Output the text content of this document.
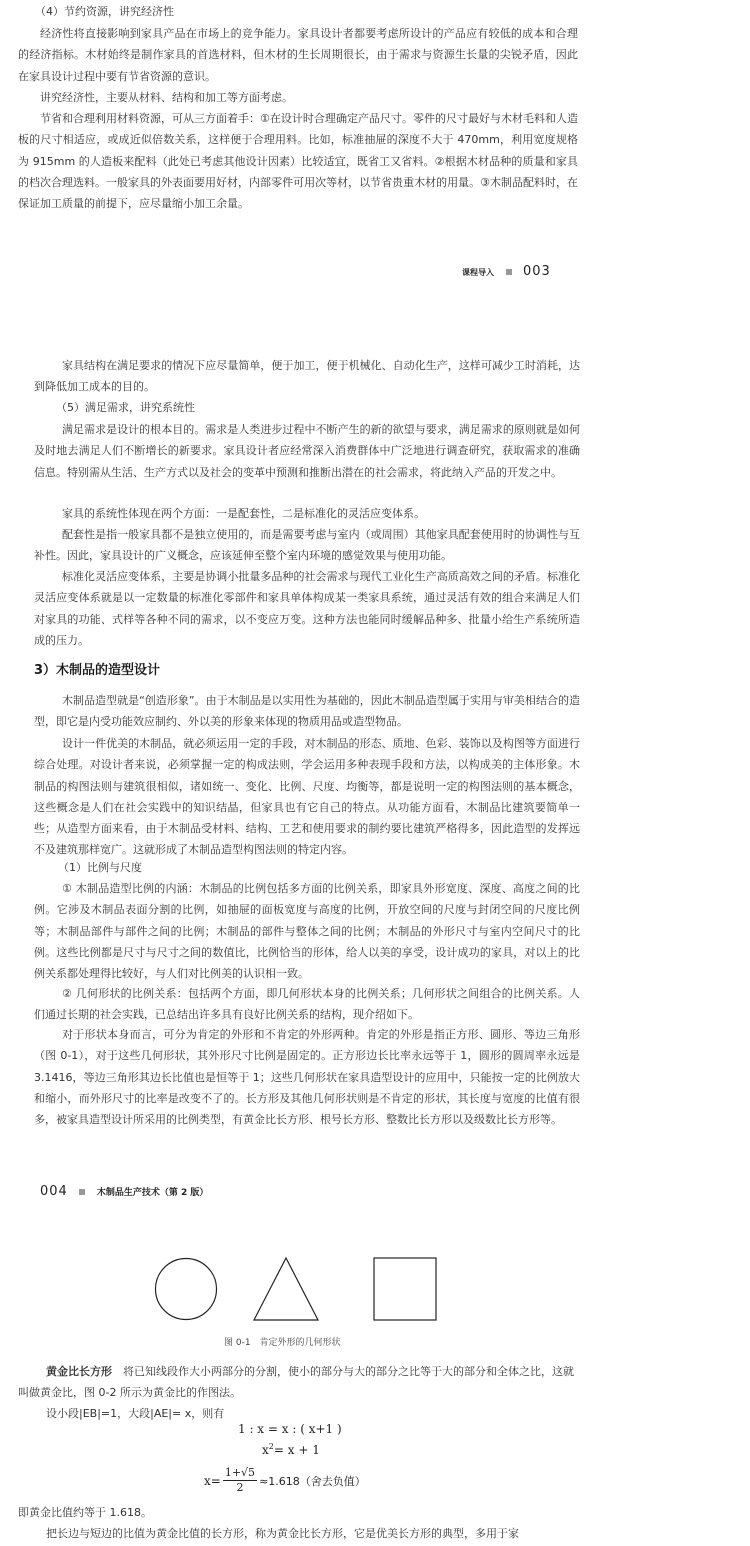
（4）节约资源，讲究经济性

经济性将直接影响到家具产品在市场上的竞争能力。家具设计者都要考虑所设计的产品应有较低的成本和合理的经济指标。木材始终是制作家具的首选材料，但木材的生长周期很长，由于需求与资源生长量的尖锐矛盾，因此在家具设计过程中要有节省资源的意识。

讲究经济性，主要从材料、结构和加工等方面考虑。

节省和合理利用材料资源，可从三方面着手：①在设计时合理确定产品尺寸。零件的尺寸最好与木材毛料和人造板的尺寸相适应，或成近似倍数关系，这样便于合理用料。比如，标准抽屉的深度不大于 470mm，利用宽度规格为 915mm 的人造板来配料（此处已考虑其他设计因素）比较适宜，既省工又省料。②根据木材品种的质量和家具的档次合理选料。一般家具的外表面要用好材，内部零件可用次等材，以节省贵重木材的用量。③木制品配料时，在保证加工质量的前提下，应尽量缩小加工余量。

课程导入 003

家具结构在满足要求的情况下应尽量简单，便于加工，便于机械化、自动化生产，这样可减少工时消耗，达到降低加工成本的目的。

（5）满足需求，讲究系统性

满足需求是设计的根本目的。需求是人类进步过程中不断产生的新的欲望与要求，满足需求的原则就是如何及时地去满足人们不断增长的新要求。家具设计者应经常深入消费群体中广泛地进行调查研究，获取需求的准确信息。特别需从生活、生产方式以及社会的变革中预测和推断出潜在的社会需求，将此纳入产品的开发之中。

家具的系统性体现在两个方面：一是配套性，二是标准化的灵活应变体系。

配套性是指一般家具都不是独立使用的，而是需要考虑与室内（或周围）其他家具配套使用时的协调性与互补性。因此，家具设计的广义概念，应该延伸至整个室内环境的感觉效果与使用功能。

标准化灵活应变体系，主要是协调小批量多品种的社会需求与现代工业化生产高质高效之间的矛盾。标准化灵活应变体系就是以一定数量的标准化零部件和家具单体构成某一类家具系统，通过灵活有效的组合来满足人们对家具的功能、式样等各种不同的需求，以不变应万变。这种方法也能同时缓解品种多、批量小给生产系统所造成的压力。

3）木制品的造型设计

木制品造型就是“创造形象”。由于木制品是以实用性为基础的，因此木制品造型属于实用与审美相结合的造型，即它是内受功能效应制约、外以美的形象来体现的物质用品或造型物品。

设计一件优美的木制品，就必须运用一定的手段，对木制品的形态、质地、色彩、装饰以及构图等方面进行综合处理。对设计者来说，必须掌握一定的构成法则，学会运用多种表现手段和方法，以构成美的主体形象。木制品的构图法则与建筑很相似，诸如统一、变化、比例、尺度、均衡等，都是说明一定的构图法则的基本概念，这些概念是人们在社会实践中的知识结晶，但家具也有它自己的特点。从功能方面看，木制品比建筑要简单一些；从造型方面来看，由于木制品受材料、结构、工艺和使用要求的制约要比建筑严格得多，因此造型的发挥远不及建筑那样宽广。这就形成了木制品造型构图法则的特定内容。

（1）比例与尺度

① 木制品造型比例的内涵：木制品的比例包括多方面的比例关系，即家具外形宽度、深度、高度之间的比例。它涉及木制品表面分割的比例，如抽屉的面板宽度与高度的比例，开放空间的尺度与封闭空间的尺度比例等；木制品部件与部件之间的比例；木制品的部件与整体之间的比例；木制品的外形尺寸与室内空间尺寸的比例。这些比例都是尺寸与尺寸之间的数值比，比例恰当的形体，给人以美的享受，设计成功的家具，对以上的比例关系都处理得比较好，与人们对比例美的认识相一致。

② 几何形状的比例关系：包括两个方面，即几何形状本身的比例关系；几何形状之间组合的比例关系。人们通过长期的社会实践，已总结出许多具有良好比例关系的结构，现介绍如下。

对于形状本身而言，可分为肯定的外形和不肯定的外形两种。肯定的外形是指正方形、圆形、等边三角形（图 0-1），对于这些几何形状，其外形尺寸比例是固定的。正方形边长比率永远等于 1，圆形的圆周率永远是 3.1416，等边三角形其边长比值也是恒等于 1；这些几何形状在家具造型设计的应用中，只能按一定的比例放大和缩小，而外形尺寸的比率是改变不了的。长方形及其他几何形状则是不肯定的形状，其长度与宽度的比值有很多，被家具造型设计所采用的比例类型，有黄金比长方形、根号长方形、整数比长方形以及级数比长方形等。

004	木制品生产技术（第 2 版）
图 0-1　肯定外形的几何形状

黄金比长方形　 将已知线段作大小两部分的分割，使小的部分与大的部分之比等于大的部分和全体之比，这就叫做黄金比，图 0-2 所示为黄金比的作图法。

设小段|EB|=1，大段|AE|= x，则有

1 : x = x : ( x+1 )
$x^2= x + 1$
$x= \frac{1+√5}{2} \approx 1.618$（舍去负值）

即黄金比值约等于 1.618。

把长边与短边的比值为黄金比值的长方形，称为黄金比长方形，它是优美长方形的典型，多用于家
